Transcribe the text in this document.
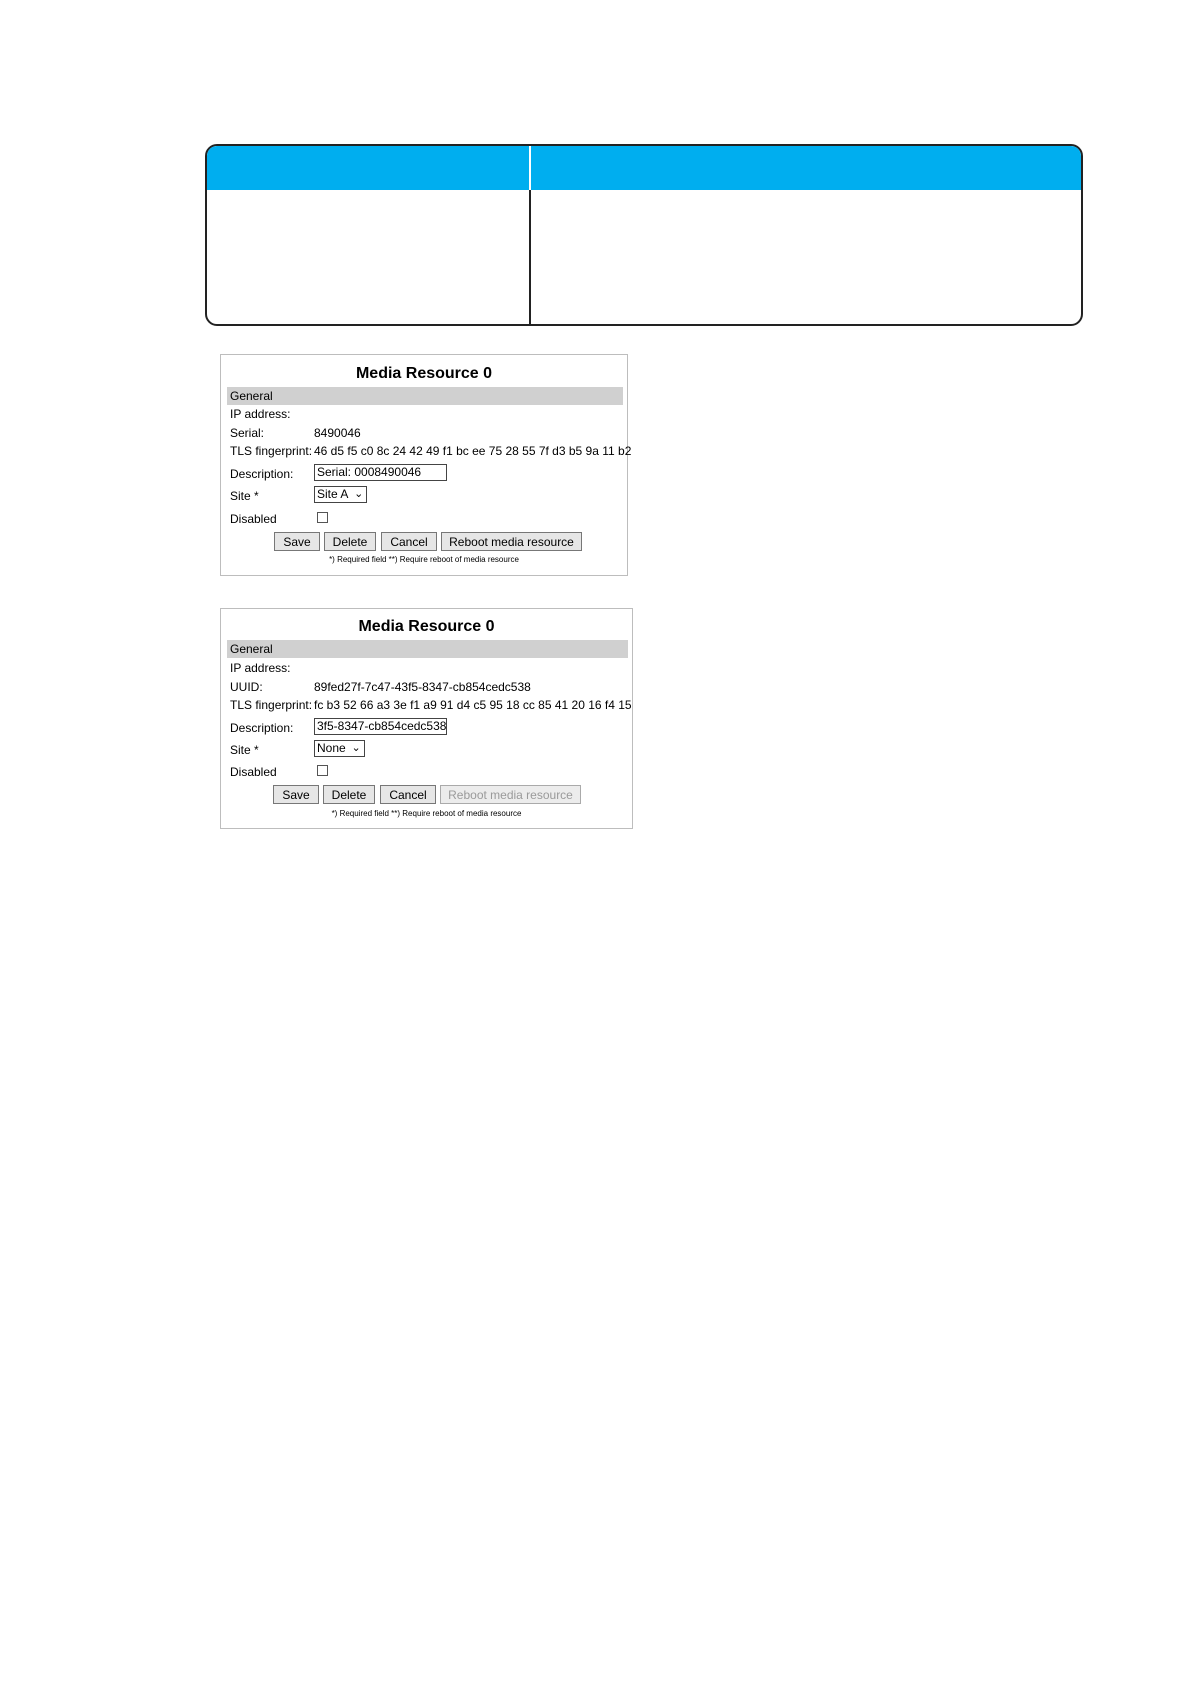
Media Resource 0
General
IP address:
Serial:	8490046
TLS fingerprint: 46 d5 f5 c0 8c 24 42 49 f1 bc ee 75 28 55 7f d3 b5 9a 11 b2
Description: Serial: 0008490046
Site *	Site A ⌄
Disabled
Save	Delete	Cancel	Reboot media resource
*) Required field **) Require reboot of media resource
Media Resource 0
General
IP address:
UUID:	89fed27f-7c47-43f5-8347-cb854cedc538
TLS fingerprint: fc b3 52 66 a3 3e f1 a9 91 d4 c5 95 18 cc 85 41 20 16 f4 15
Description: 3f5-8347-cb854cedc538
Site *	None ⌄
Disabled
Save	Delete	Cancel	Reboot media resource
*) Required field **) Require reboot of media resource
